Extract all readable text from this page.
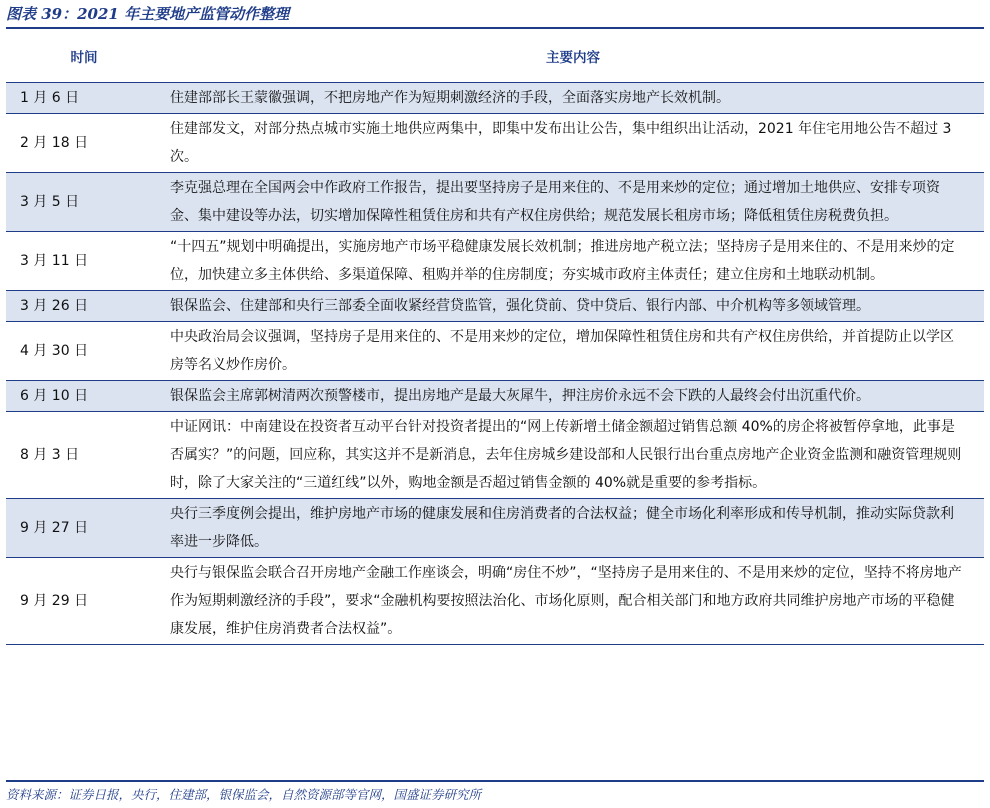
图表 39：2021 年主要地产监管动作整理
时间	主要内容
1 月 6 日	住建部部长王蒙徽强调，不把房地产作为短期刺激经济的手段，全面落实房地产长效机制。
2 月 18 日	住建部发文，对部分热点城市实施土地供应两集中，即集中发布出让公告，集中组织出让活动，2021 年住宅用地公告不超过 3 次。
3 月 5 日	李克强总理在全国两会中作政府工作报告，提出要坚持房子是用来住的、不是用来炒的定位；通过增加土地供应、安排专项资金、集中建设等办法，切实增加保障性租赁住房和共有产权住房供给；规范发展长租房市场；降低租赁住房税费负担。
3 月 11 日	“十四五”规划中明确提出，实施房地产市场平稳健康发展长效机制；推进房地产税立法；坚持房子是用来住的、不是用来炒的定位，加快建立多主体供给、多渠道保障、租购并举的住房制度；夯实城市政府主体责任；建立住房和土地联动机制。
3 月 26 日	银保监会、住建部和央行三部委全面收紧经营贷监管，强化贷前、贷中贷后、银行内部、中介机构等多领域管理。
4 月 30 日	中央政治局会议强调，坚持房子是用来住的、不是用来炒的定位，增加保障性租赁住房和共有产权住房供给，并首提防止以学区房等名义炒作房价。
6 月 10 日	银保监会主席郭树清两次预警楼市，提出房地产是最大灰犀牛，押注房价永远不会下跌的人最终会付出沉重代价。
8 月 3 日	中证网讯：中南建设在投资者互动平台针对投资者提出的“网上传新增土储金额超过销售总额 40%的房企将被暂停拿地，此事是否属实？”的问题，回应称，其实这并不是新消息，去年住房城乡建设部和人民银行出台重点房地产企业资金监测和融资管理规则时，除了大家关注的“三道红线”以外，购地金额是否超过销售金额的 40%就是重要的参考指标。
9 月 27 日	央行三季度例会提出，维护房地产市场的健康发展和住房消费者的合法权益；健全市场化利率形成和传导机制，推动实际贷款利率进一步降低。
9 月 29 日	央行与银保监会联合召开房地产金融工作座谈会，明确“房住不炒”，“坚持房子是用来住的、不是用来炒的定位，坚持不将房地产作为短期刺激经济的手段”，要求“金融机构要按照法治化、市场化原则，配合相关部门和地方政府共同维护房地产市场的平稳健康发展，维护住房消费者合法权益”。
资料来源：证券日报，央行，住建部，银保监会，自然资源部等官网，国盛证券研究所
